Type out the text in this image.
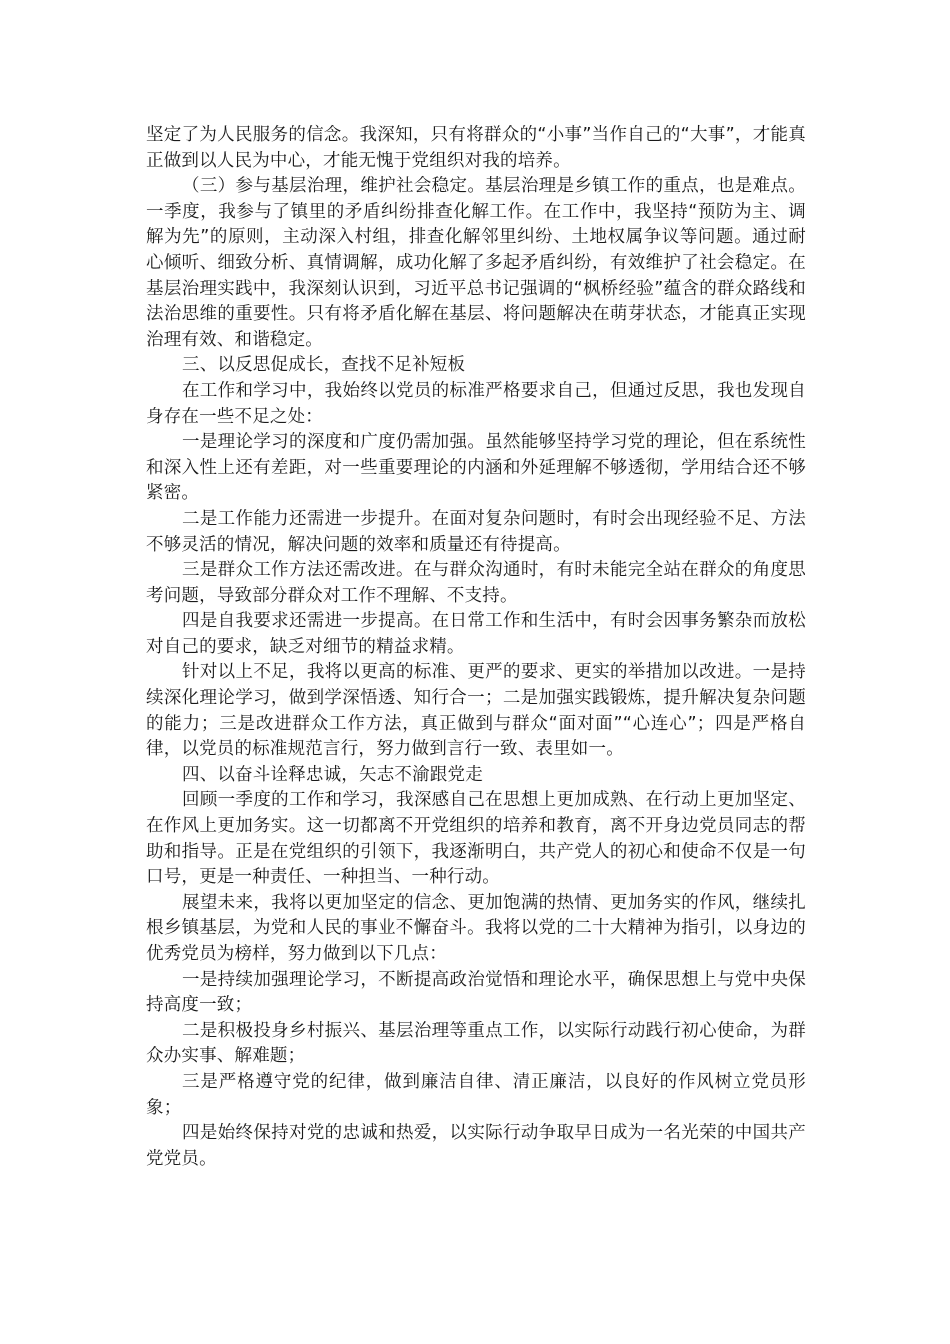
坚定了为人民服务的信念。我深知，只有将群众的“小事”当作自己的“大事”，才能真正做到以人民为中心，才能无愧于党组织对我的培养。

（三）参与基层治理，维护社会稳定。基层治理是乡镇工作的重点，也是难点。一季度，我参与了镇里的矛盾纠纷排查化解工作。在工作中，我坚持“预防为主、调解为先”的原则，主动深入村组，排查化解邻里纠纷、土地权属争议等问题。通过耐心倾听、细致分析、真情调解，成功化解了多起矛盾纠纷，有效维护了社会稳定。在基层治理实践中，我深刻认识到，习近平总书记强调的“枫桥经验”蕴含的群众路线和法治思维的重要性。只有将矛盾化解在基层、将问题解决在萌芽状态，才能真正实现治理有效、和谐稳定。

三、以反思促成长，查找不足补短板

在工作和学习中，我始终以党员的标准严格要求自己，但通过反思，我也发现自身存在一些不足之处：

一是理论学习的深度和广度仍需加强。虽然能够坚持学习党的理论，但在系统性和深入性上还有差距，对一些重要理论的内涵和外延理解不够透彻，学用结合还不够紧密。

二是工作能力还需进一步提升。在面对复杂问题时，有时会出现经验不足、方法不够灵活的情况，解决问题的效率和质量还有待提高。

三是群众工作方法还需改进。在与群众沟通时，有时未能完全站在群众的角度思考问题，导致部分群众对工作不理解、不支持。

四是自我要求还需进一步提高。在日常工作和生活中，有时会因事务繁杂而放松对自己的要求，缺乏对细节的精益求精。

针对以上不足，我将以更高的标准、更严的要求、更实的举措加以改进。一是持续深化理论学习，做到学深悟透、知行合一；二是加强实践锻炼，提升解决复杂问题的能力；三是改进群众工作方法，真正做到与群众“面对面”“心连心”；四是严格自律，以党员的标准规范言行，努力做到言行一致、表里如一。

四、以奋斗诠释忠诚，矢志不渝跟党走

回顾一季度的工作和学习，我深感自己在思想上更加成熟、在行动上更加坚定、在作风上更加务实。这一切都离不开党组织的培养和教育，离不开身边党员同志的帮助和指导。正是在党组织的引领下，我逐渐明白，共产党人的初心和使命不仅是一句口号，更是一种责任、一种担当、一种行动。

展望未来，我将以更加坚定的信念、更加饱满的热情、更加务实的作风，继续扎根乡镇基层，为党和人民的事业不懈奋斗。我将以党的二十大精神为指引，以身边的优秀党员为榜样，努力做到以下几点：

一是持续加强理论学习，不断提高政治觉悟和理论水平，确保思想上与党中央保持高度一致；

二是积极投身乡村振兴、基层治理等重点工作，以实际行动践行初心使命，为群众办实事、解难题；

三是严格遵守党的纪律，做到廉洁自律、清正廉洁，以良好的作风树立党员形象；

四是始终保持对党的忠诚和热爱，以实际行动争取早日成为一名光荣的中国共产党党员。
